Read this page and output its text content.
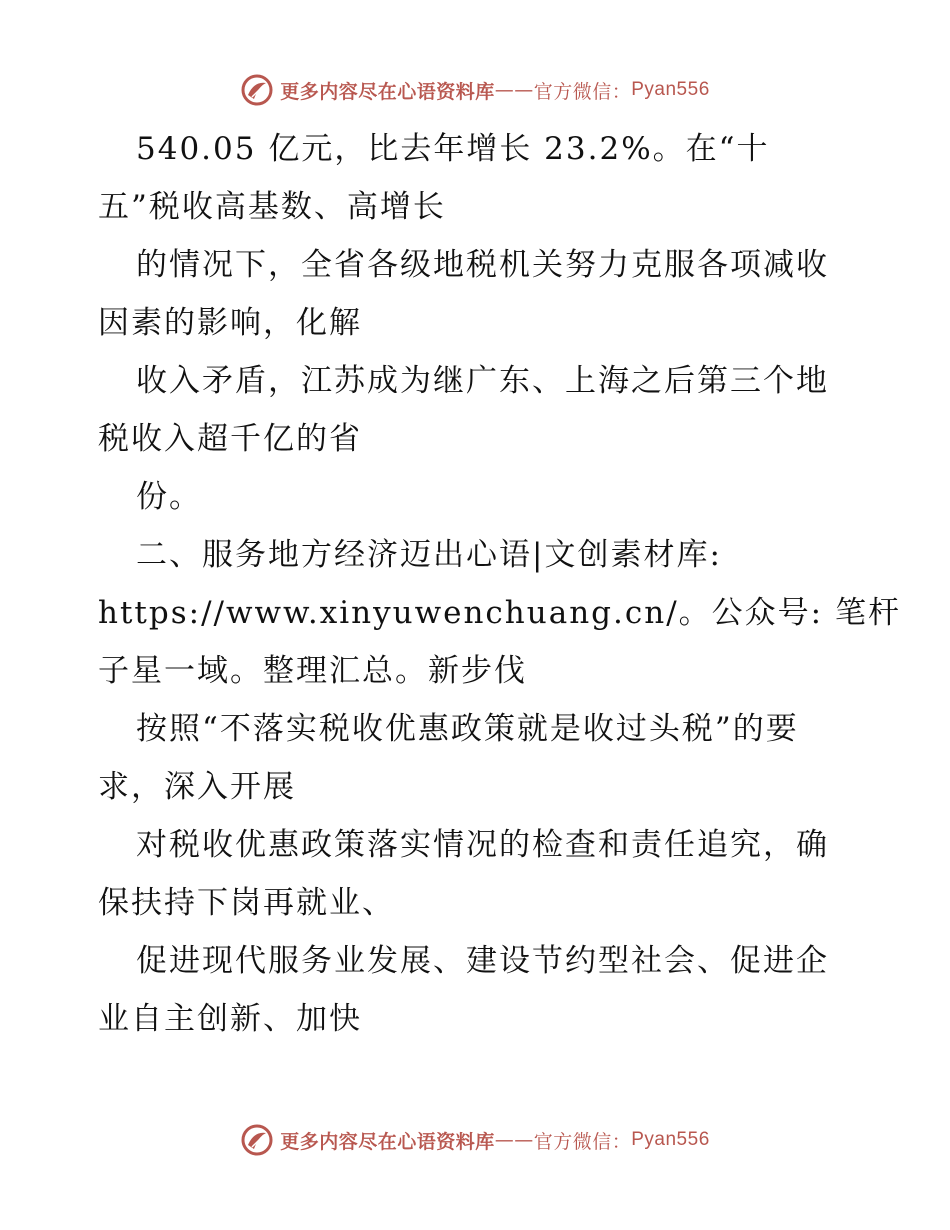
更多内容尽在心语资料库 —— 官方微信： Pyan556
540.05 亿元，比去年增长 23.2%。在“十
五”税收高基数、高增长
的情况下，全省各级地税机关努力克服各项减收
因素的影响，化解
收入矛盾，江苏成为继广东、上海之后第三个地
税收入超千亿的省
份。
二、服务地方经济迈出心语|文创素材库:
https://www.xinyuwenchuang.cn/。公众号: 笔杆
子星一域。整理汇总。新步伐
按照“不落实税收优惠政策就是收过头税”的要
求，深入开展
对税收优惠政策落实情况的检查和责任追究，确
保扶持下岗再就业、
促进现代服务业发展、建设节约型社会、促进企
业自主创新、加快
更多内容尽在心语资料库 —— 官方微信： Pyan556
